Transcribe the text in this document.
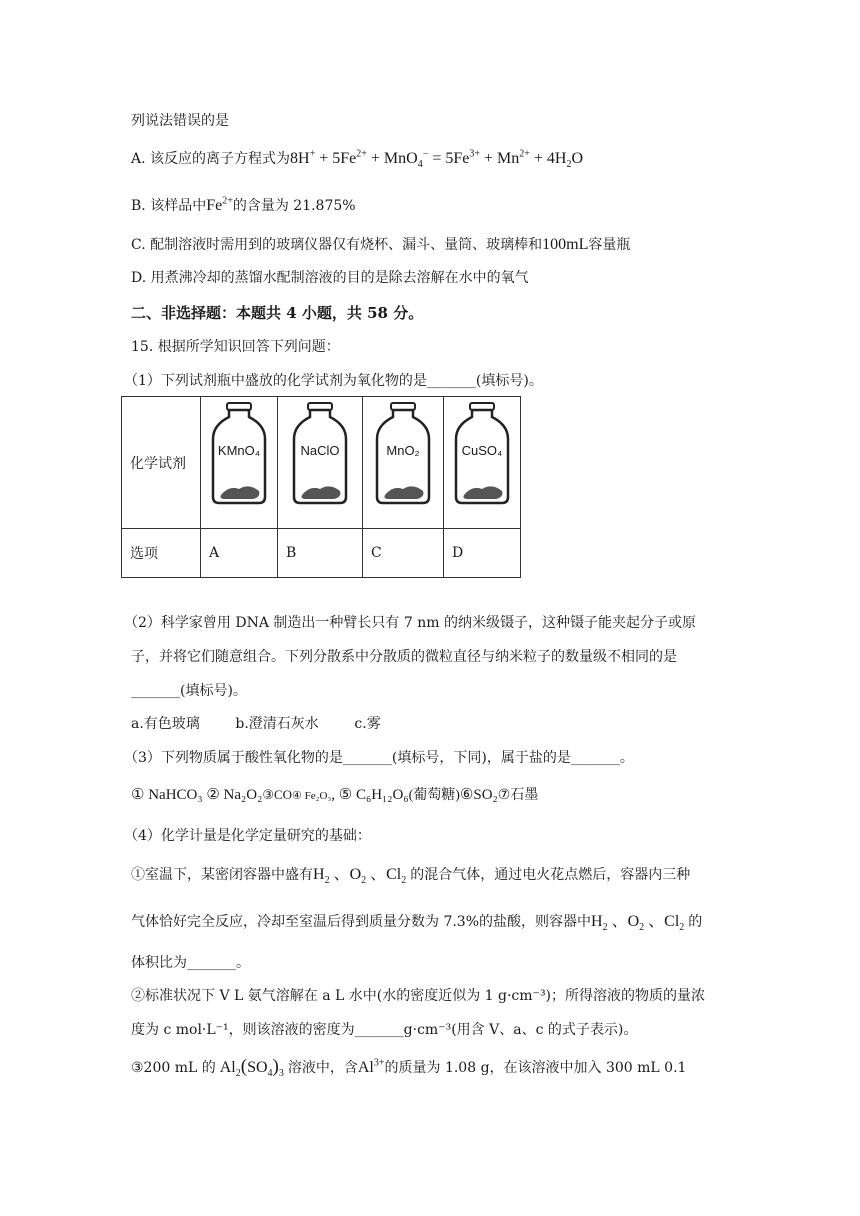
列说法错误的是
A. 该反应的离子方程式为$8H^+ + 5Fe^{2+} + MnO_4^- = 5Fe^{3+} + Mn^{2+} + 4H_2O$
B. 该样品中$Fe^{2+}$的含量为 21.875%
C. 配制溶液时需用到的玻璃仪器仅有烧杯、漏斗、量筒、玻璃棒和100mL容量瓶
D. 用煮沸冷却的蒸馏水配制溶液的目的是除去溶解在水中的氧气
二、非选择题：本题共 4 小题，共 58 分。
15. 根据所学知识回答下列问题：
（1）下列试剂瓶中盛放的化学试剂为氧化物的是_______(填标号)。
化学试剂	KMnO₄	NaClO	MnO₂	CuSO₄

选项	A	B	C	D
（2）科学家曾用 DNA 制造出一种臂长只有 7 nm 的纳米级镊子，这种镊子能夹起分子或原
子，并将它们随意组合。下列分散系中分散质的微粒直径与纳米粒子的数量级不相同的是
_______(填标号)。
a.有色玻璃        b.澄清石灰水        c.雾
（3）下列物质属于酸性氧化物的是_______(填标号，下同)，属于盐的是_______。
① NaHCO₃ ② Na₂O₂③CO④ Fe₂O₃, ⑤ C₆H₁₂O₆(葡萄糖)⑥SO₂⑦石墨
（4）化学计量是化学定量研究的基础：
①室温下，某密闭容器中盛有$H_2$ 、$O_2$ 、$Cl_2$ 的混合气体，通过电火花点燃后，容器内三种
气体恰好完全反应，冷却至室温后得到质量分数为 7.3%的盐酸，则容器中$H_2$ 、$O_2$ 、$Cl_2$ 的
体积比为_______。
②标准状况下 V L 氨气溶解在 a L 水中(水的密度近似为 1 g·cm⁻³)；所得溶液的物质的量浓
度为 c mol·L⁻¹，则该溶液的密度为_______g·cm⁻³(用含 V、a、c 的式子表示)。
③200 mL 的 $Al_2(SO_4)_3$ 溶液中，含$Al^{3+}$的质量为 1.08 g，在该溶液中加入 300 mL 0.1
